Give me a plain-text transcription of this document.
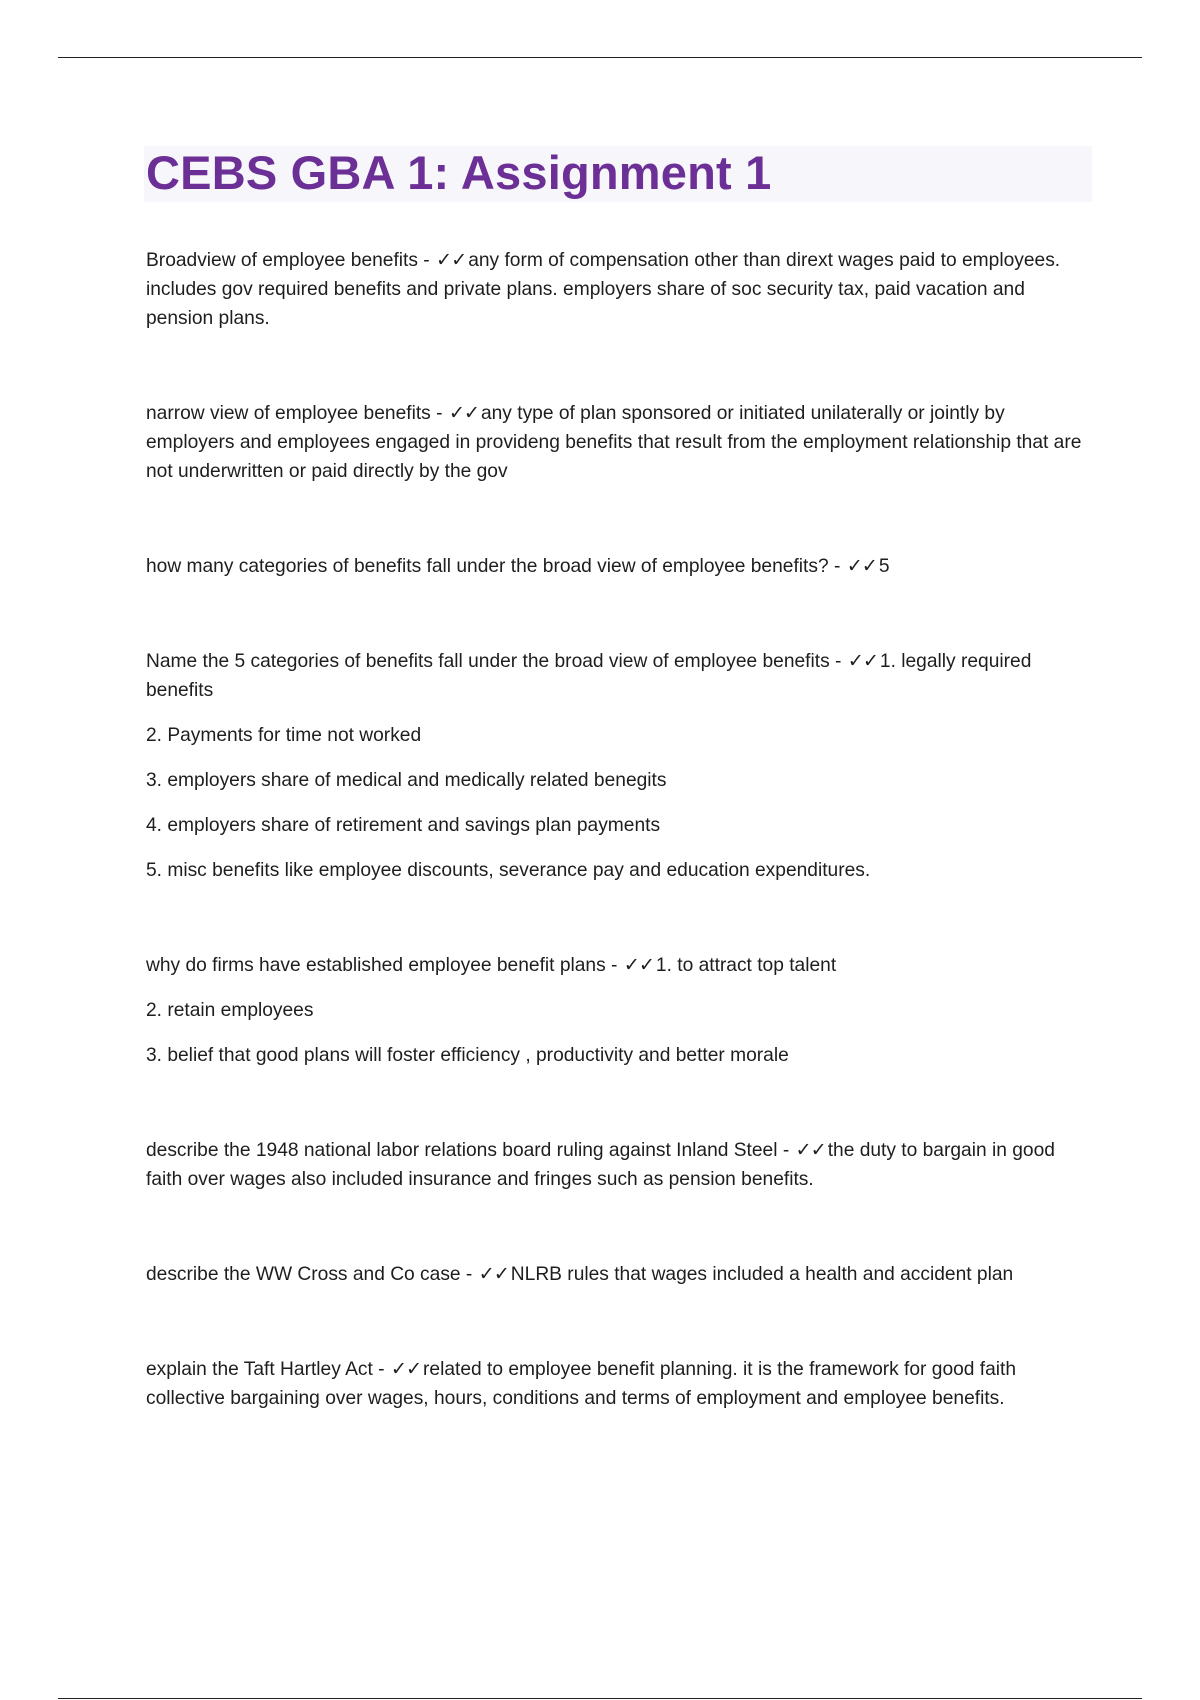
CEBS GBA 1: Assignment 1

Broadview of employee benefits - ✓✓ any form of compensation other than dirext wages paid to employees. includes gov required benefits and private plans. employers share of soc security tax, paid vacation and pension plans.

narrow view of employee benefits - ✓✓ any type of plan sponsored or initiated unilaterally or jointly by employers and employees engaged in provideng benefits that result from the employment relationship that are not underwritten or paid directly by the gov

how many categories of benefits fall under the broad view of employee benefits? - ✓✓ 5

Name the 5 categories of benefits fall under the broad view of employee benefits - ✓✓ 1. legally required benefits

2. Payments for time not worked

3. employers share of medical and medically related benegits

4. employers share of retirement and savings plan payments

5. misc benefits like employee discounts, severance pay and education expenditures.

why do firms have established employee benefit plans - ✓✓ 1. to attract top talent

2. retain employees

3. belief that good plans will foster efficiency , productivity and better morale

describe the 1948 national labor relations board ruling against Inland Steel - ✓✓ the duty to bargain in good faith over wages also included insurance and fringes such as pension benefits.

describe the WW Cross and Co case - ✓✓ NLRB rules that wages included a health and accident plan

explain the Taft Hartley Act - ✓✓ related to employee benefit planning. it is the framework for good faith collective bargaining over wages, hours, conditions and terms of employment and employee benefits.
